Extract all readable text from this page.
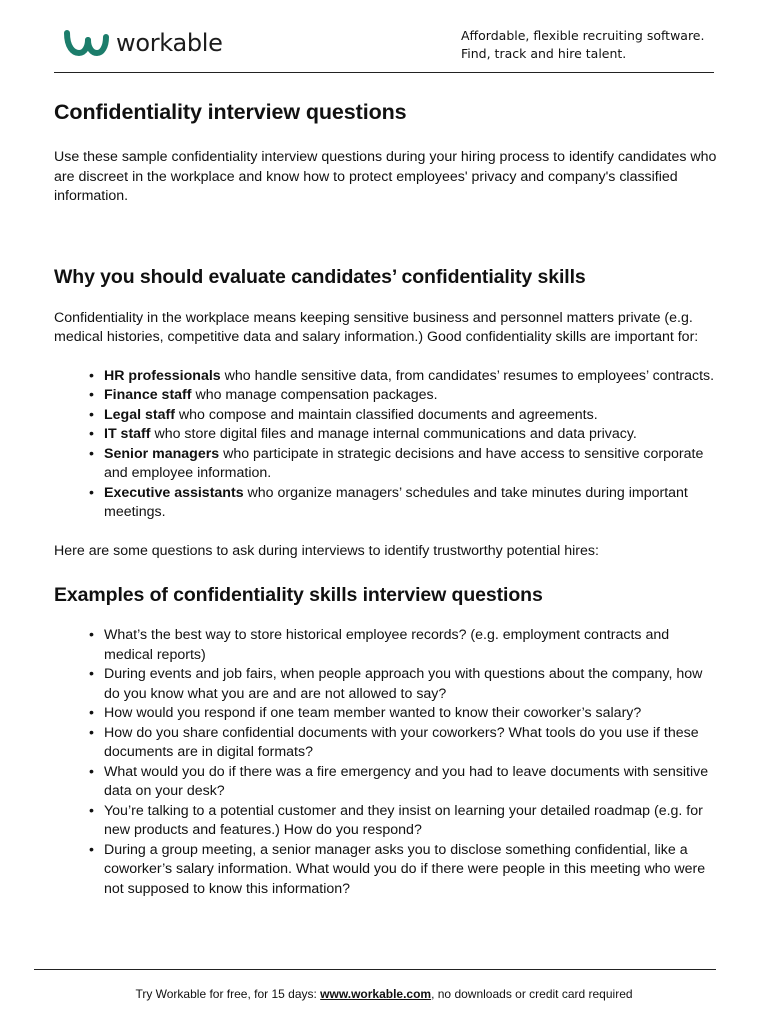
workable	Affordable, flexible recruiting software.
Find, track and hire talent.
Confidentiality interview questions

Use these sample confidentiality interview questions during your hiring process to identify candidates who are discreet in the workplace and know how to protect employees' privacy and company's classified information.

Why you should evaluate candidates’ confidentiality skills

Confidentiality in the workplace means keeping sensitive business and personnel matters private (e.g. medical histories, competitive data and salary information.) Good confidentiality skills are important for:

• HR professionals who handle sensitive data, from candidates’ resumes to employees’ contracts.
• Finance staff who manage compensation packages.
• Legal staff who compose and maintain classified documents and agreements.
• IT staff who store digital files and manage internal communications and data privacy.
• Senior managers who participate in strategic decisions and have access to sensitive corporate and employee information.
• Executive assistants who organize managers’ schedules and take minutes during important meetings.

Here are some questions to ask during interviews to identify trustworthy potential hires:

Examples of confidentiality skills interview questions
• What’s the best way to store historical employee records? (e.g. employment contracts and medical reports)
• During events and job fairs, when people approach you with questions about the company, how do you know what you are and are not allowed to say?
• How would you respond if one team member wanted to know their coworker’s salary?
• How do you share confidential documents with your coworkers? What tools do you use if these documents are in digital formats?
• What would you do if there was a fire emergency and you had to leave documents with sensitive data on your desk?
• You’re talking to a potential customer and they insist on learning your detailed roadmap (e.g. for new products and features.) How do you respond?
• During a group meeting, a senior manager asks you to disclose something confidential, like a coworker’s salary information. What would you do if there were people in this meeting who were not supposed to know this information?
Try Workable for free, for 15 days: www.workable.com, no downloads or credit card required
